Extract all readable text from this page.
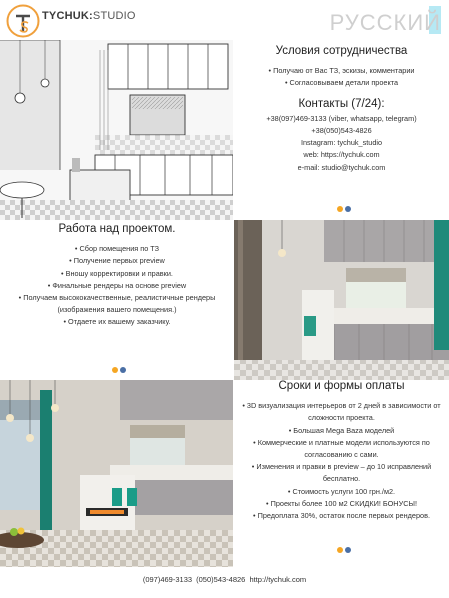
TYCHUK:STUDIO	РУССКИЙ
Условия сотрудничества
• Получаю от Вас ТЗ, эскизы, комментарии
• Согласовываем детали проекта
Контакты (7/24):
+38(097)469-3133 (viber, whatsapp, telegram)
+38(050)543-4826
Instagram: tychuk_studio
web: https://tychuk.com
e-mail: studio@tychuk.com
Работа над проектом.
• Сбор помещения по ТЗ
• Получение первых preview
• Вношу корректировки и правки.
• Финальные рендеры на основе preview
• Получаем высококачественные, реалистичные рендеры (изображения вашего помещения.)
• Отдаете их вашему заказчику.
Сроки и формы оплаты
• 3D визуализация интерьеров от 2 дней в зависимости от сложности проекта.
• Большая Mega Baza моделей
• Коммерческие и платные модели используются по согласованию с сами.
• Изменения и правки в preview – до 10 исправлений бесплатно.
• Стоимость услуги 100 грн./м2.
• Проекты более 100 м2 СКИДКИ! БОНУСЫ!
• Предоплата 30%, остаток после первых рендеров.
(097)469-3133 (050)543-4826 http://tychuk.com
